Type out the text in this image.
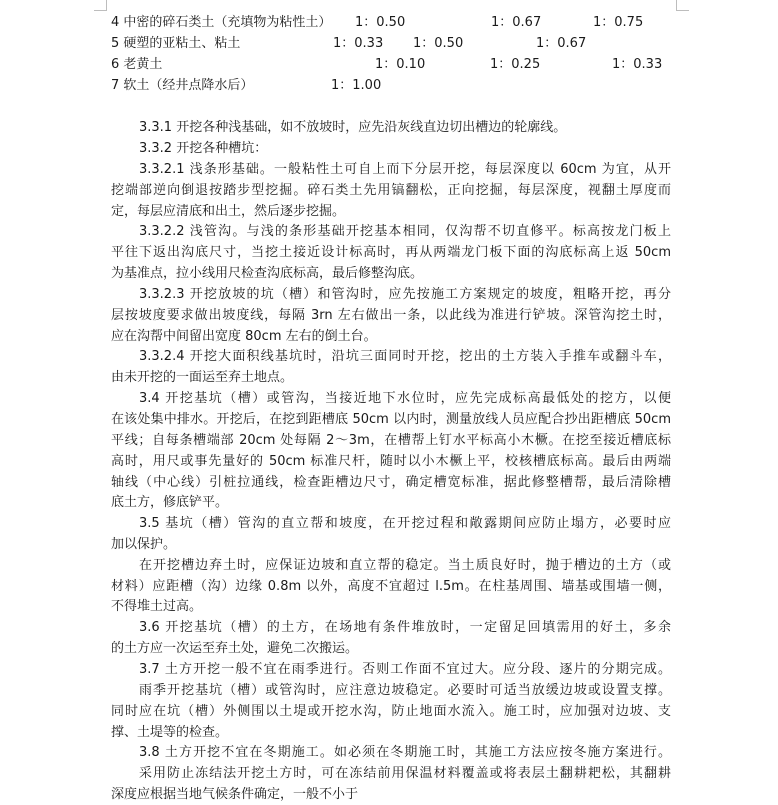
4 中密的碎石类土（充填物为粘性土） 1：0.50	1：0.67	1：0.75
5 硬塑的亚粘土、粘土	1：0.33 1：0.50	1：0.67
6 老黄土	1：0.10	1：0.25	1：0.33
7 软土（经井点降水后）	1：1.00
3.3.1 开挖各种浅基础，如不放坡时，应先沿灰线直边切出槽边的轮廓线。
3.3.2 开挖各种槽坑：
3.3.2.1 浅条形基础。一般粘性土可自上而下分层开挖，每层深度以 60cm 为宜，从开
挖端部逆向倒退按踏步型挖掘。碎石类土先用镐翻松，正向挖掘，每层深度，视翻土厚度而
定，每层应清底和出土，然后逐步挖掘。
3.3.2.2 浅管沟。与浅的条形基础开挖基本相同，仅沟帮不切直修平。标高按龙门板上
平往下返出沟底尺寸，当挖土接近设计标高时，再从两端龙门板下面的沟底标高上返 50cm
为基准点，拉小线用尺检查沟底标高，最后修整沟底。
3.3.2.3 开挖放坡的坑（槽）和管沟时，应先按施工方案规定的坡度，粗略开挖，再分
层按坡度要求做出坡度线，每隔 3rn 左右做出一条，以此线为准进行铲坡。深管沟挖土时，
应在沟帮中间留出宽度 80cm 左右的倒土台。
3.3.2.4 开挖大面积线基坑时，沿坑三面同时开挖，挖出的土方装入手推车或翻斗车，
由未开挖的一面运至弃土地点。
3.4 开挖基坑（槽）或管沟，当接近地下水位时，应先完成标高最低处的挖方，以便
在该处集中排水。开挖后，在挖到距槽底 50cm 以内时，测量放线人员应配合抄出距槽底 50cm
平线；自每条槽端部 20cm 处每隔 2～3m，在槽帮上钉水平标高小木橛。在挖至接近槽底标
高时，用尺或事先量好的 50cm 标准尺杆，随时以小木橛上平，校核槽底标高。最后由两端
轴线（中心线）引桩拉通线，检查距槽边尺寸，确定槽宽标准，据此修整槽帮，最后清除槽
底土方，修底铲平。
3.5 基坑（槽）管沟的直立帮和坡度，在开挖过程和敞露期间应防止塌方，必要时应
加以保护。
在开挖槽边弃土时，应保证边坡和直立帮的稳定。当土质良好时，抛于槽边的土方（或
材料）应距槽（沟）边缘 0.8m 以外，高度不宜超过 l.5m。在柱基周围、墙基或围墙一侧，
不得堆土过高。
3.6 开挖基坑（槽）的土方，在场地有条件堆放时，一定留足回填需用的好土，多余
的土方应一次运至弃土处，避免二次搬运。
3.7 土方开挖一般不宜在雨季进行。否则工作面不宜过大。应分段、逐片的分期完成。
雨季开挖基坑（槽）或管沟时，应注意边坡稳定。必要时可适当放缓边坡或设置支撑。
同时应在坑（槽）外侧围以土堤或开挖水沟，防止地面水流入。施工时，应加强对边坡、支
撑、土堤等的检查。
3.8 土方开挖不宜在冬期施工。如必须在冬期施工时，其施工方法应按冬施方案进行。
采用防止冻结法开挖土方时，可在冻结前用保温材料覆盖或将表层土翻耕耙松，其翻耕
深度应根据当地气候条件确定，一般不小于
